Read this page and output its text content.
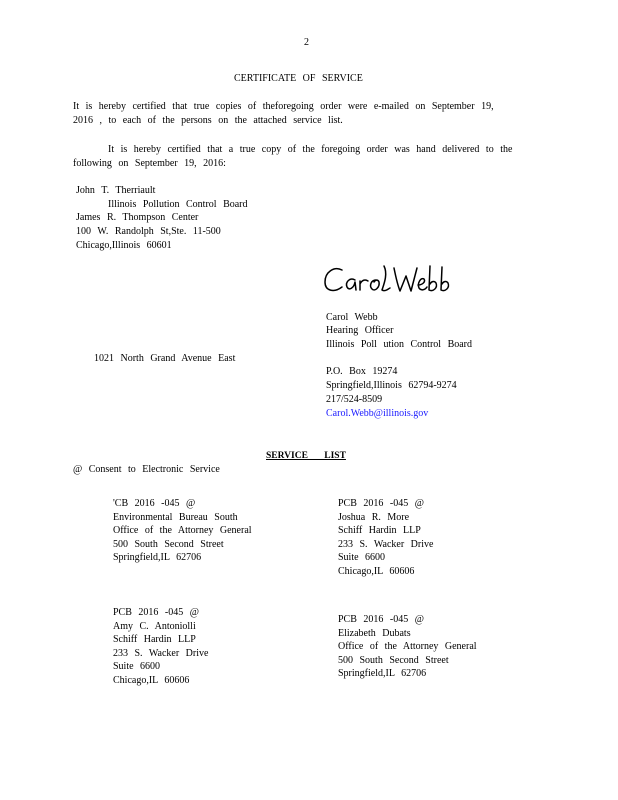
2
CERTIFICATE OF SERVICE
It is hereby certified that true copies of theforegoing order were e-mailed on September 19,
2016 , to each of the persons on the attached service list.
It is hereby certified that a true copy of the foregoing order was hand delivered to the
following on September 19, 2016:
John T. Therriault
Illinois Pollution Control Board
James R. Thompson Center
100 W. Randolph St,Ste. 11-500
Chicago,Illinois 60601
Carol Webb
Hearing Officer
Illinois Poll ution Control Board
1021 North Grand Avenue East
P.O. Box 19274
Springfield,Illinois 62794-9274
217/524-8509
Carol.Webb@illinois.gov
SERVICE LIST
@ Consent to Electronic Service
'CB 2016 -045 @
Environmental Bureau South
Office of the Attorney General
500 South Second Street
Springfield,IL 62706
PCB 2016 -045 @
Joshua R. More
Schiff Hardin LLP
233 S. Wacker Drive
Suite 6600
Chicago,IL 60606
PCB 2016 -045 @
Amy C. Antoniolli
Schiff Hardin LLP
233 S. Wacker Drive
Suite 6600
Chicago,IL 60606
PCB 2016 -045 @
Elizabeth Dubats
Office of the Attorney General
500 South Second Street
Springfield,IL 62706
